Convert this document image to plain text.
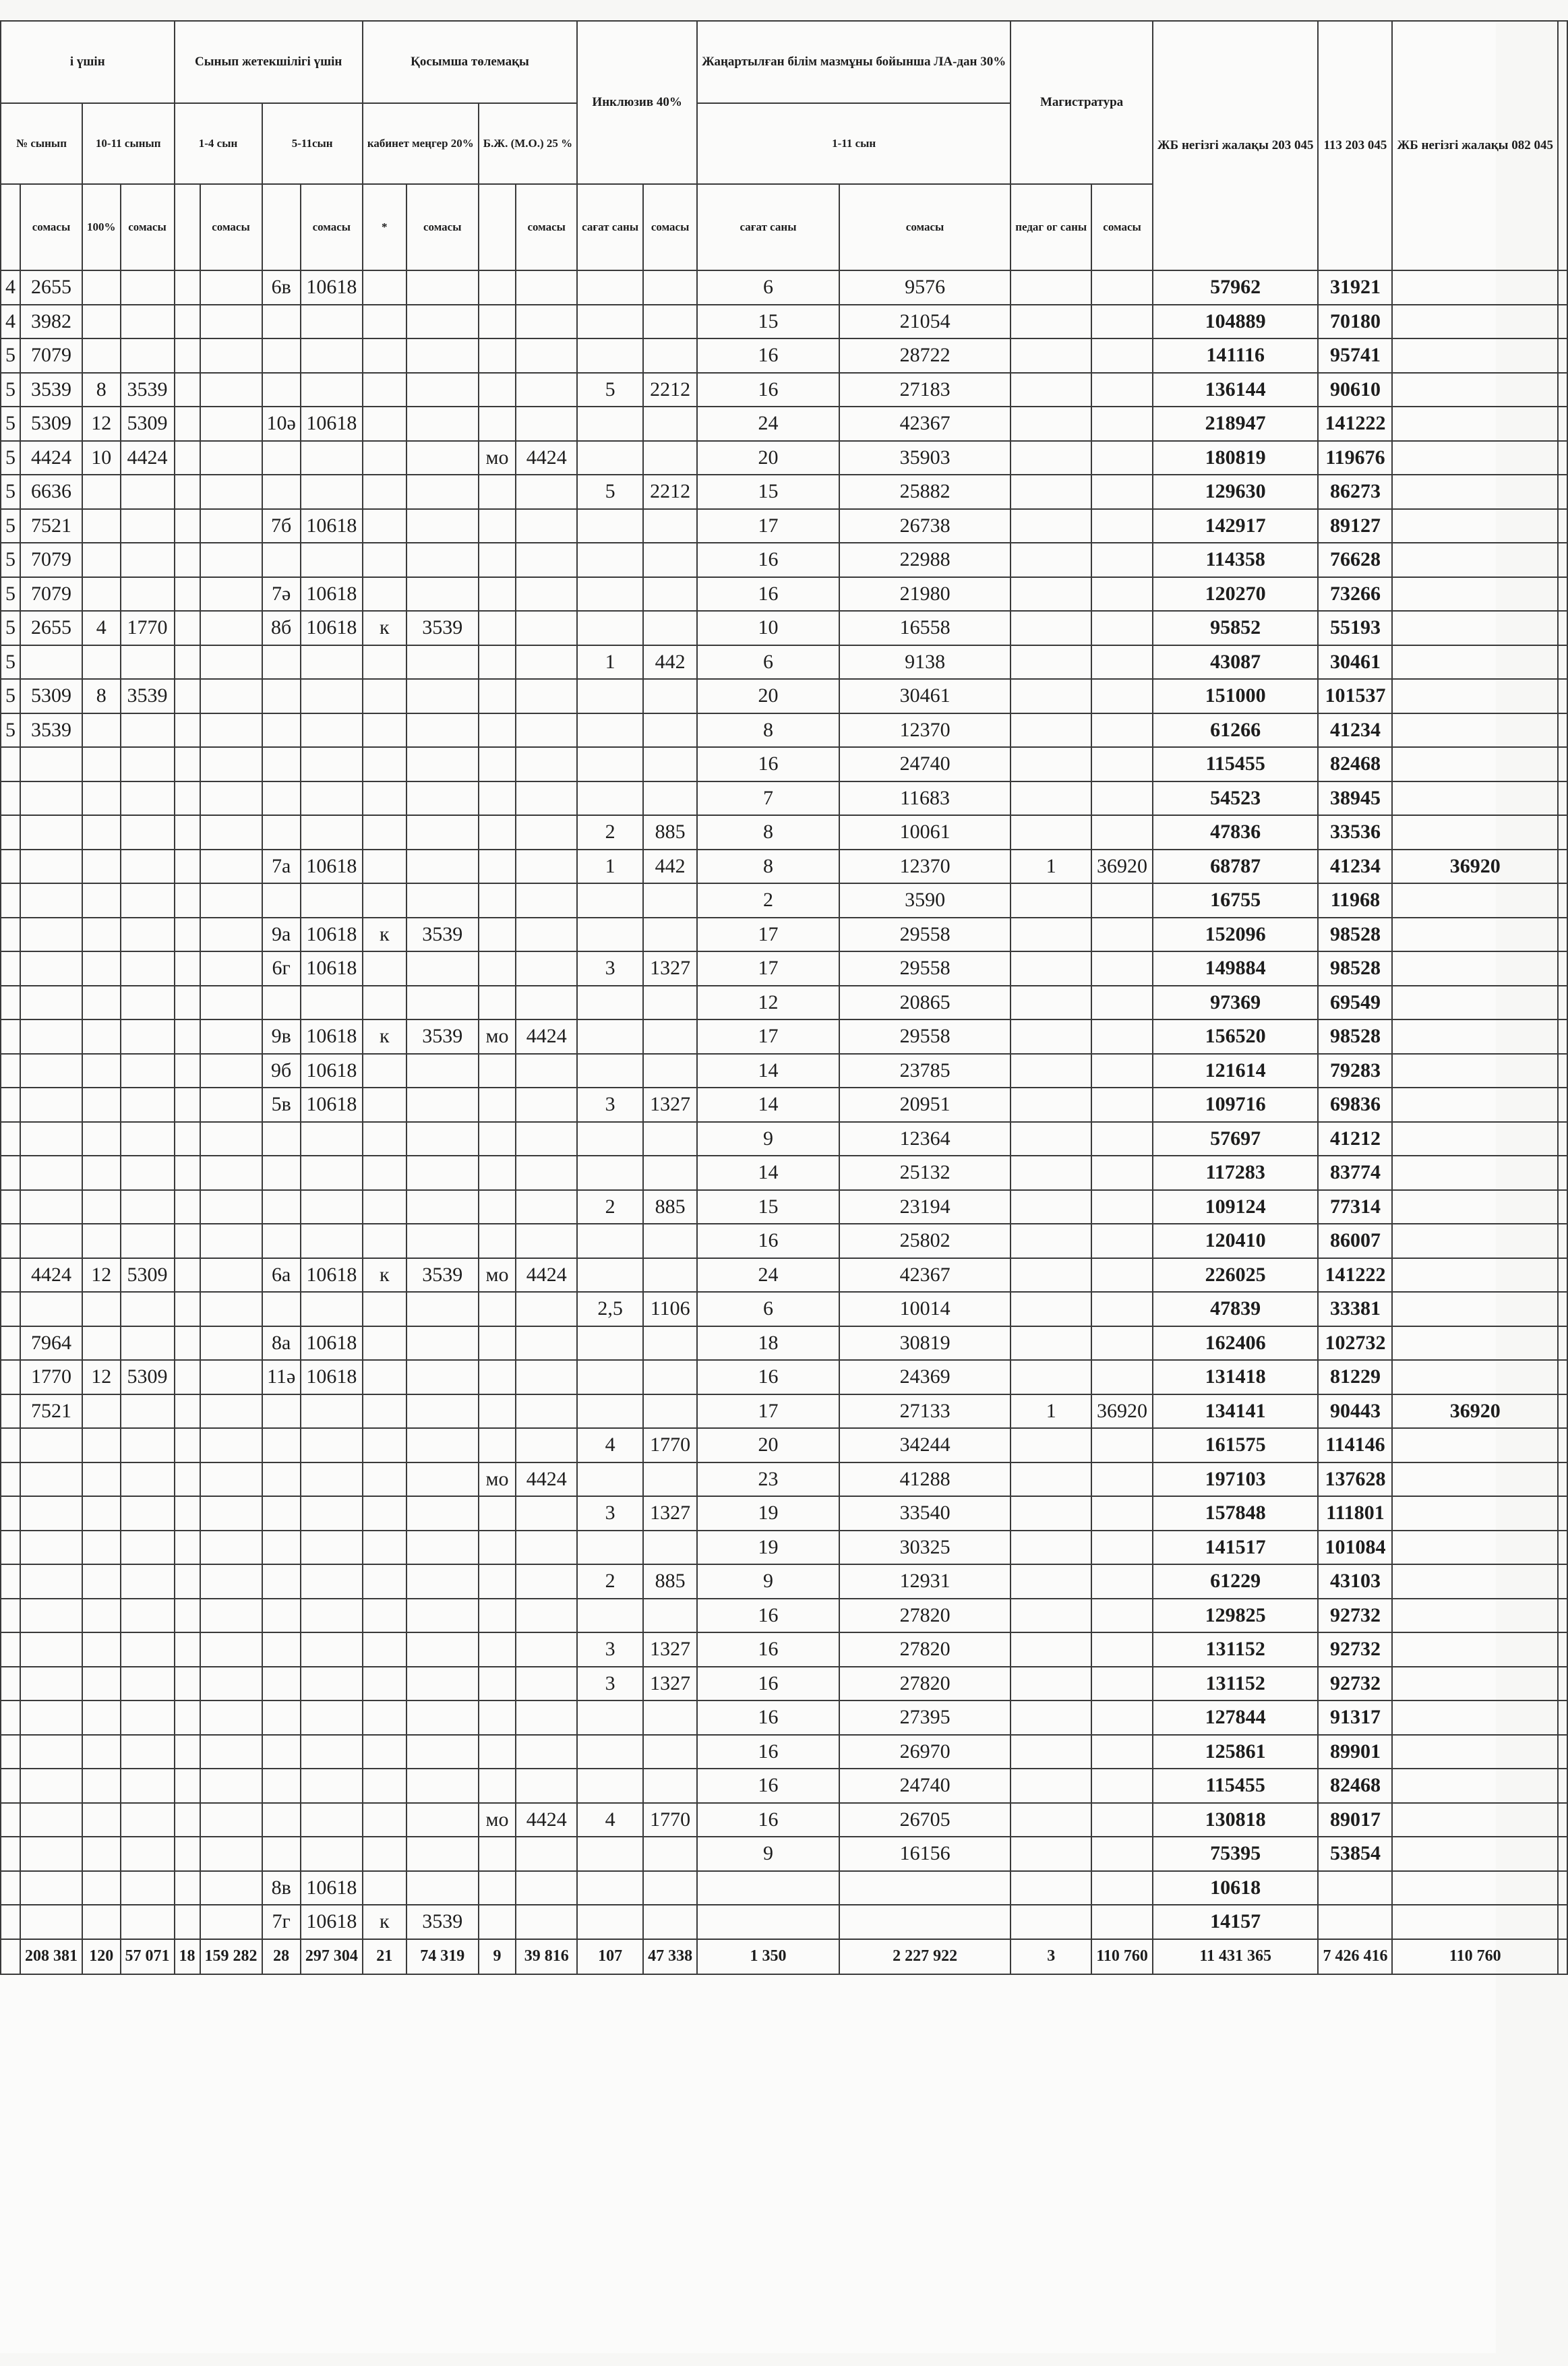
і үшін				Сынып жетекшілігі үшін				Қосымша төлемақы				Инклюзив 40%		Жаңартылған білім мазмұны бойынша ЛА-дан 30%		Магистратура		ЖБ негізгі жалақы 203 045	113 203 045	ЖБ негізгі жалақы 082 045	
№ сынып		10-11 сынып		1-4 сын		5-11сын		кабинет меңгер 20%		Б.Ж. (М.О.) 25 %				1-11 сын							
	сомасы	100%	сомасы		сомасы		сомасы	*	сомасы		сомасы	сағат саны	сомасы	сағат саны	сомасы	педаг ог саны	сомасы				
4	2655					6в	10618							6	9576			57962	31921		
4	3982													15	21054			104889	70180		
5	7079													16	28722			141116	95741		
5	3539	8	3539									5	2212	16	27183			136144	90610		
5	5309	12	5309			10ә	10618							24	42367			218947	141222		
5	4424	10	4424							мо	4424			20	35903			180819	119676		
5	6636											5	2212	15	25882			129630	86273		
5	7521					7б	10618							17	26738			142917	89127		
5	7079													16	22988			114358	76628		
5	7079					7ә	10618							16	21980			120270	73266		
5	2655	4	1770			8б	10618	к	3539					10	16558			95852	55193		
5												1	442	6	9138			43087	30461		
5	5309	8	3539											20	30461			151000	101537		
5	3539													8	12370			61266	41234		
														16	24740			115455	82468		
														7	11683			54523	38945		
												2	885	8	10061			47836	33536		
						7а	10618					1	442	8	12370	1	36920	68787	41234	36920	
														2	3590			16755	11968		
						9а	10618	к	3539					17	29558			152096	98528		
						6г	10618					3	1327	17	29558			149884	98528		
														12	20865			97369	69549		
						9в	10618	к	3539	мо	4424			17	29558			156520	98528		
						9б	10618							14	23785			121614	79283		
						5в	10618					3	1327	14	20951			109716	69836		
														9	12364			57697	41212		
														14	25132			117283	83774		
												2	885	15	23194			109124	77314		
														16	25802			120410	86007		
	4424	12	5309			6а	10618	к	3539	мо	4424			24	42367			226025	141222		
												2,5	1106	6	10014			47839	33381		
	7964					8а	10618							18	30819			162406	102732		
	1770	12	5309			11ә	10618							16	24369			131418	81229		
	7521													17	27133	1	36920	134141	90443	36920	
												4	1770	20	34244			161575	114146		
										мо	4424			23	41288			197103	137628		
												3	1327	19	33540			157848	111801		
														19	30325			141517	101084		
												2	885	9	12931			61229	43103		
														16	27820			129825	92732		
												3	1327	16	27820			131152	92732		
												3	1327	16	27820			131152	92732		
														16	27395			127844	91317		
														16	26970			125861	89901		
														16	24740			115455	82468		
										мо	4424	4	1770	16	26705			130818	89017		
														9	16156			75395	53854		
						8в	10618											10618			
						7г	10618	к	3539									14157			
	208 381	120	57 071	18	159 282	28	297 304	21	74 319	9	39 816	107	47 338	1 350	2 227 922	3	110 760	11 431 365	7 426 416	110 760	
